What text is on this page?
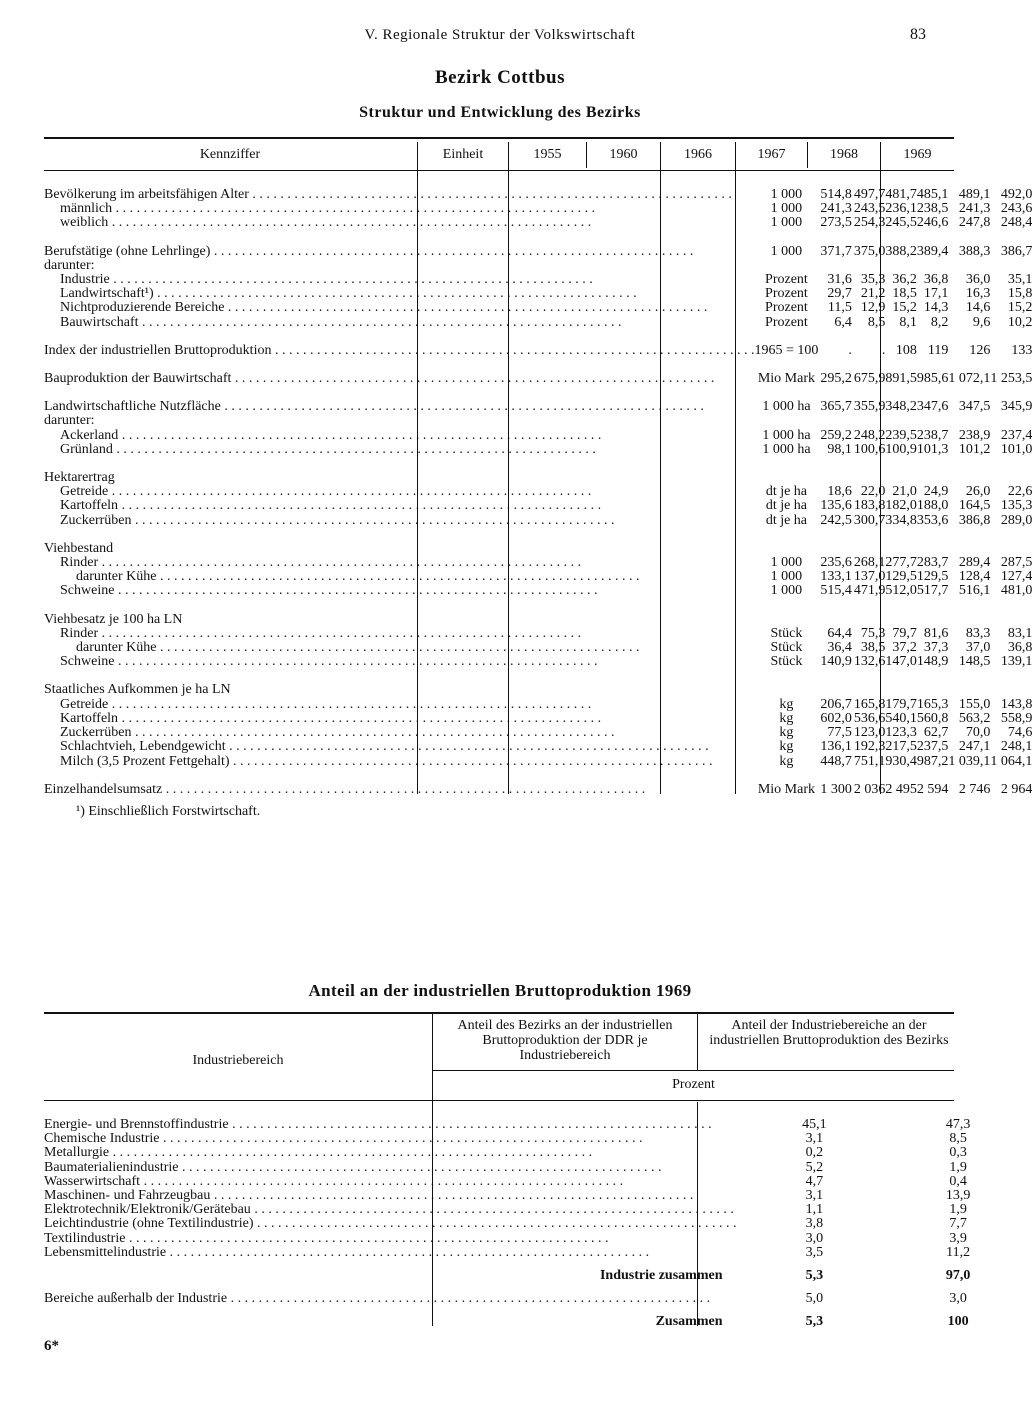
V. Regionale Struktur der Volkswirtschaft	83
Bezirk Cottbus
Struktur und Entwicklung des Bezirks
Kennziffer	Einheit	1955	1960	1966	1967	1968	1969
Bevölkerung im arbeitsfähigen Alter . . .	1 000	514,8	497,7	481,7	485,1	489,1	492,0

männlich . . .	1 000	241,3	243,5	236,1	238,5	241,3	243,6

weiblich . . .	1 000	273,5	254,3	245,5	246,6	247,8	248,4

Berufstätige (ohne Lehrlinge) . . .	1 000	371,7	375,0	388,2	389,4	388,3	386,7
darunter:							

Industrie . . .	Prozent	31,6	35,3	36,2	36,8	36,0	35,1

Landwirtschaft¹) . . .	Prozent	29,7	21,2	18,5	17,1	16,3	15,8

Nichtproduzierende Bereiche . . .	Prozent	11,5	12,9	15,2	14,3	14,6	15,2

Bauwirtschaft . . .	Prozent	6,4	8,5	8,1	8,2	9,6	10,2

Index der industriellen Bruttoproduktion . . .	1965 = 100	.	.	108	119	126	133

Bauproduktion der Bauwirtschaft . . .	Mio Mark	295,2	675,9	891,5	985,6	1 072,1	1 253,5

Landwirtschaftliche Nutzfläche . . .	1 000 ha	365,7	355,9	348,2	347,6	347,5	345,9
darunter:							

Ackerland . . .	1 000 ha	259,2	248,2	239,5	238,7	238,9	237,4

Grünland . . .	1 000 ha	98,1	100,6	100,9	101,3	101,2	101,0

Hektarertrag							

Getreide . . .	dt je ha	18,6	22,0	21,0	24,9	26,0	22,6

Kartoffeln . . .	dt je ha	135,6	183,8	182,0	188,0	164,5	135,3

Zuckerrüben . . .	dt je ha	242,5	300,7	334,8	353,6	386,8	289,0

Viehbestand							

Rinder . . .	1 000	235,6	268,1	277,7	283,7	289,4	287,5

darunter Kühe . . .	1 000	133,1	137,0	129,5	129,5	128,4	127,4

Schweine . . .	1 000	515,4	471,9	512,0	517,7	516,1	481,0

Viehbesatz je 100 ha LN							

Rinder . . .	Stück	64,4	75,3	79,7	81,6	83,3	83,1

darunter Kühe . . .	Stück	36,4	38,5	37,2	37,3	37,0	36,8

Schweine . . .	Stück	140,9	132,6	147,0	148,9	148,5	139,1

Staatliches Aufkommen je ha LN							

Getreide . . .	kg	206,7	165,8	179,7	165,3	155,0	143,8

Kartoffeln . . .	kg	602,0	536,6	540,1	560,8	563,2	558,9

Zuckerrüben . . .	kg	77,5	123,0	123,3	62,7	70,0	74,6

Schlachtvieh, Lebendgewicht . . .	kg	136,1	192,3	217,5	237,5	247,1	248,1

Milch (3,5 Prozent Fettgehalt) . . .	kg	448,7	751,1	930,4	987,2	1 039,1	1 064,1

Einzelhandelsumsatz . . .	Mio Mark	1 300	2 036	2 495	2 594	2 746	2 964
¹) Einschließlich Forstwirtschaft.
Anteil an der industriellen Bruttoproduktion 1969
Industriebereich
Anteil des Bezirks an der industriellen Bruttoproduktion der DDR je Industriebereich
Anteil der Industriebereiche an der industriellen Bruttoproduktion des Bezirks
Prozent
Energie- und Brennstoffindustrie . . .	45,1	47,3

Chemische Industrie . . .	3,1	8,5

Metallurgie . . .	0,2	0,3

Baumaterialienindustrie . . .	5,2	1,9

Wasserwirtschaft . . .	4,7	0,4

Maschinen- und Fahrzeugbau . . .	3,1	13,9

Elektrotechnik/Elektronik/Gerätebau . . .	1,1	1,9

Leichtindustrie (ohne Textilindustrie) . . .	3,8	7,7

Textilindustrie . . .	3,0	3,9

Lebensmittelindustrie . . .	3,5	11,2

Industrie zusammen	5,3	97,0

Bereiche außerhalb der Industrie . . .	5,0	3,0

Zusammen	5,3	100
6*
